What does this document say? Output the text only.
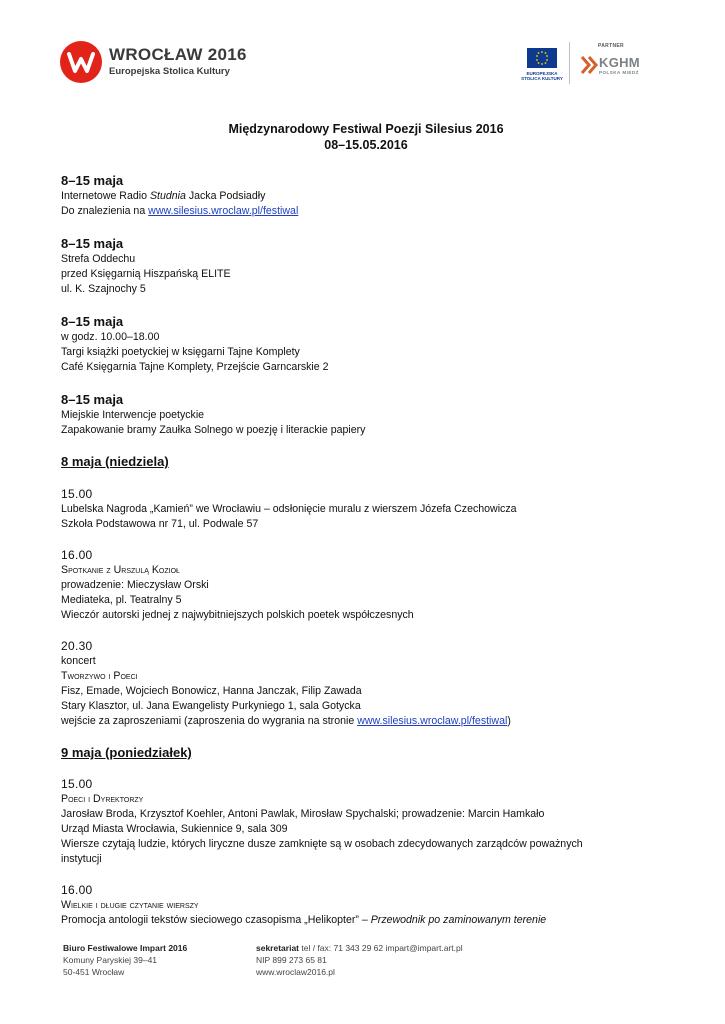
WROCŁAW 2016
Europejska Stolica Kultury	EUROPEJSKA
STOLICA KULTURY
PARTNER
KGHM
POLSKA MIEDŹ
Międzynarodowy Festiwal Poezji Silesius 2016
08–15.05.2016
8–15 maja

Internetowe Radio Studnia Jacka Podsiadły

Do znalezienia na www.silesius.wroclaw.pl/festiwal

8–15 maja

Strefa Oddechu

przed Księgarnią Hiszpańską ELITE

ul. K. Szajnochy 5

8–15 maja

w godz. 10.00–18.00

Targi książki poetyckiej w księgarni Tajne Komplety

Café Księgarnia Tajne Komplety, Przejście Garncarskie 2

8–15 maja

Miejskie Interwencje poetyckie

Zapakowanie bramy Zaułka Solnego w poezję i literackie papiery

8 maja (niedziela)
15.00

Lubelska Nagroda „Kamień” we Wrocławiu – odsłonięcie muralu z wierszem Józefa Czechowicza

Szkoła Podstawowa nr 71, ul. Podwale 57

16.00

Spotkanie z Urszulą Kozioł

prowadzenie: Mieczysław Orski

Mediateka, pl. Teatralny 5

Wieczór autorski jednej z najwybitniejszych polskich poetek współczesnych

20.30

koncert

Tworzywo i Poeci

Fisz, Emade, Wojciech Bonowicz, Hanna Janczak, Filip Zawada

Stary Klasztor, ul. Jana Ewangelisty Purkyniego 1, sala Gotycka

wejście za zaproszeniami (zaproszenia do wygrania na stronie www.silesius.wroclaw.pl/festiwal)

9 maja (poniedziałek)
15.00

Poeci i Dyrektorzy

Jarosław Broda, Krzysztof Koehler, Antoni Pawlak, Mirosław Spychalski; prowadzenie: Marcin Hamkało

Urząd Miasta Wrocławia, Sukiennice 9, sala 309

Wiersze czytają ludzie, których liryczne dusze zamknięte są w osobach zdecydowanych zarządców poważnych

instytucji

16.00

Wielkie i długie czytanie wierszy

Promocja antologii tekstów sieciowego czasopisma „Helikopter” – Przewodnik po zaminowanym terenie

Biuro Festiwalowe Impart 2016
Komuny Paryskiej 39–41
50-451 Wrocław
sekretariat tel / fax: 71 343 29 62 impart@impart.art.pl
NIP 899 273 65 81
www.wroclaw2016.pl
